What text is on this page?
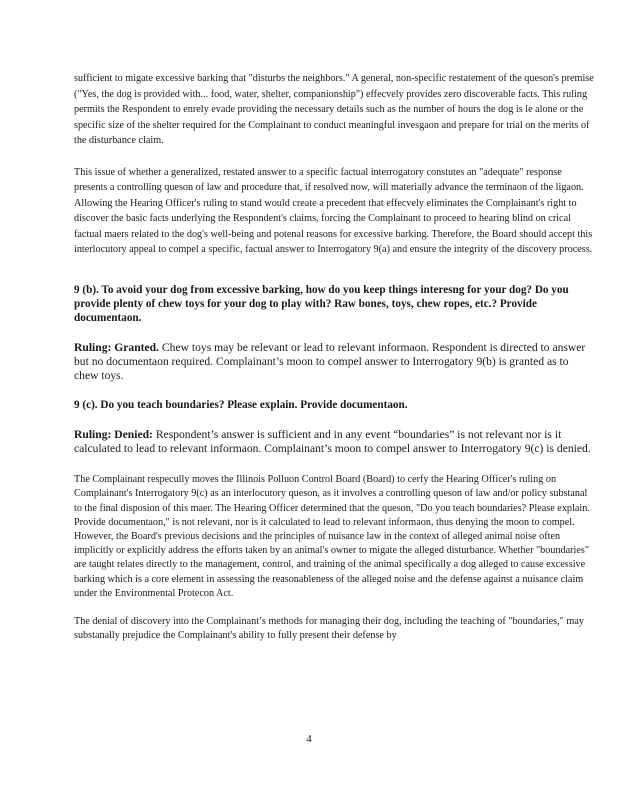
sufficient to migate excessive barking that "disturbs the neighbors." A general, non-specific restatement of the queson's premise ("Yes, the dog is provided with... food, water, shelter, companionship") effecvely provides zero discoverable facts. This ruling permits the Respondent to enrely evade providing the necessary details such as the number of hours the dog is le alone or the specific size of the shelter required for the Complainant to conduct meaningful invesgaon and prepare for trial on the merits of the disturbance claim.

This issue of whether a generalized, restated answer to a specific factual interrogatory constutes an "adequate" response presents a controlling queson of law and procedure that, if resolved now, will materially advance the terminaon of the ligaon. Allowing the Hearing Officer's ruling to stand would create a precedent that effecvely eliminates the Complainant's right to discover the basic facts underlying the Respondent's claims, forcing the Complainant to proceed to hearing blind on crical factual maers related to the dog's well-being and potenal reasons for excessive barking. Therefore, the Board should accept this interlocutory appeal to compel a specific, factual answer to Interrogatory 9(a) and ensure the integrity of the discovery process.

9 (b). To avoid your dog from excessive barking, how do you keep things interesng for your dog? Do you provide plenty of chew toys for your dog to play with? Raw bones, toys, chew ropes, etc.? Provide documentaon.

Ruling: Granted. Chew toys may be relevant or lead to relevant informaon. Respondent is directed to answer but no documentaon required. Complainant’s moon to compel answer to Interrogatory 9(b) is granted as to chew toys.

9 (c). Do you teach boundaries? Please explain. Provide documentaon.

Ruling: Denied: Respondent’s answer is sufficient and in any event “boundaries” is not relevant nor is it calculated to lead to relevant informaon. Complainant’s moon to compel answer to Interrogatory 9(c) is denied.

The Complainant respecully moves the Illinois Polluon Control Board (Board) to cerfy the Hearing Officer's ruling on Complainant's Interrogatory 9(c) as an interlocutory queson, as it involves a controlling queson of law and/or policy substanal to the final disposion of this maer. The Hearing Officer determined that the queson, "Do you teach boundaries? Please explain. Provide documentaon," is not relevant, nor is it calculated to lead to relevant informaon, thus denying the moon to compel. However, the Board's previous decisions and the principles of nuisance law in the context of alleged animal noise often implicitly or explicitly address the efforts taken by an animal's owner to migate the alleged disturbance. Whether "boundaries" are taught relates directly to the management, control, and training of the animal specifically a dog alleged to cause excessive barking which is a core element in assessing the reasonableness of the alleged noise and the defense against a nuisance claim under the Environmental Protecon Act.

The denial of discovery into the Complainant’s methods for managing their dog, including the teaching of "boundaries," may substanally prejudice the Complainant's ability to fully present their defense by

4
